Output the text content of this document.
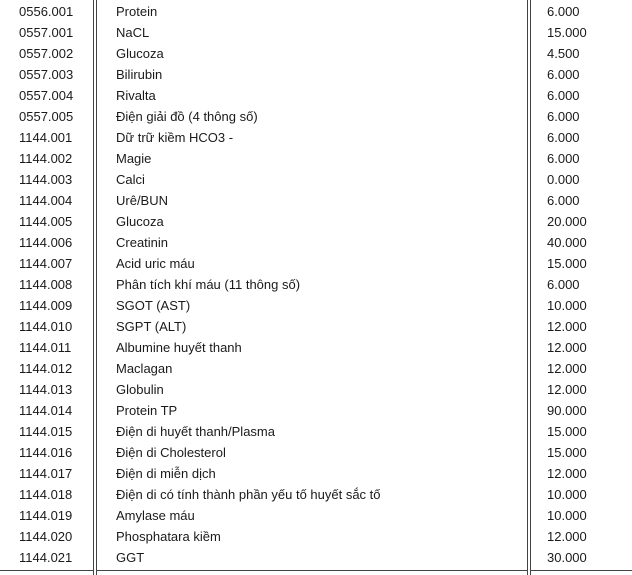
0556.001	Protein	6.000
0557.001	NaCL	15.000
0557.002	Glucoza	4.500
0557.003	Bilirubin	6.000
0557.004	Rivalta	6.000
0557.005	Điện giải đồ (4 thông số)	6.000
1144.001	Dữ trữ kiềm HCO3 -	6.000
1144.002	Magie	6.000
1144.003	Calci	0.000
1144.004	Urê/BUN	6.000
1144.005	Glucoza	20.000
1144.006	Creatinin	40.000
1144.007	Acid uric máu	15.000
1144.008	Phân tích khí máu (11 thông số)	6.000
1144.009	SGOT (AST)	10.000
1144.010	SGPT (ALT)	12.000
1144.011	Albumine huyết thanh	12.000
1144.012	Maclagan	12.000
1144.013	Globulin	12.000
1144.014	Protein TP	90.000
1144.015	Điện di huyết thanh/Plasma	15.000
1144.016	Điện di Cholesterol	15.000
1144.017	Điện di miễn dịch	12.000
1144.018	Điện di có tính thành phần yếu tố huyết sắc tố	10.000
1144.019	Amylase máu	10.000
1144.020	Phosphatara kiềm	12.000
1144.021	GGT	30.000
